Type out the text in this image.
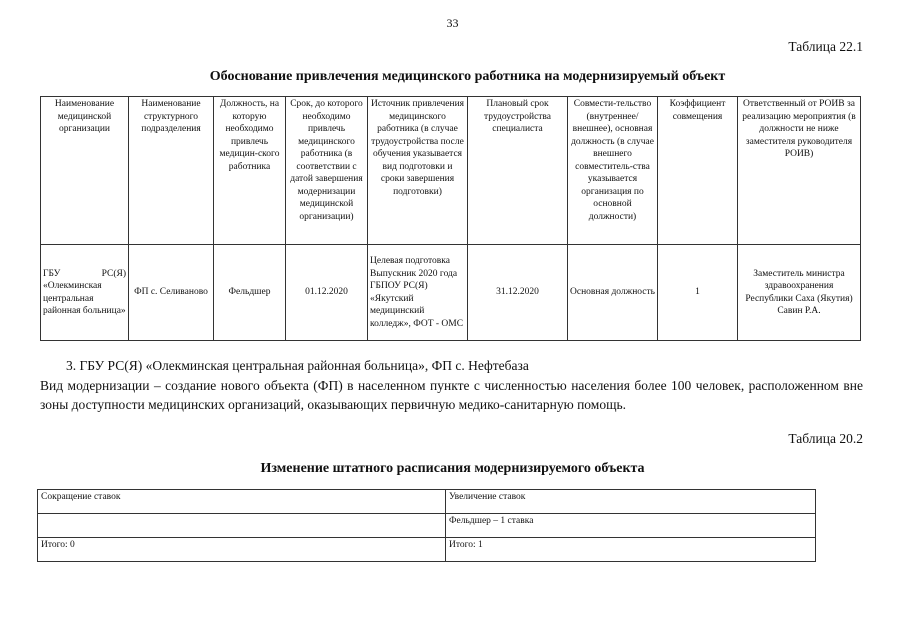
33
Таблица 22.1
Обоснование привлечения медицинского работника на модернизируемый объект
Наименование медицинской организации	Наименование структурного подразделения	Должность, на которую необходимо привлечь медицин-ского работника	Срок, до которого необходимо привлечь медицинского работника (в соответствии с датой завершения модернизации медицинской организации)	Источник привлечения медицинского работника (в случае трудоустройства после обучения указывается вид подготовки и сроки завершения подготовки)	Плановый срок трудоустройства специалиста	Совмести-тельство (внутреннее/ внешнее), основная должность (в случае внешнего совместитель-ства указывается организация по основной должности)	Коэффициент совмещения	Ответственный от РОИВ за реализацию мероприятия (в должности не ниже заместителя руководителя РОИВ)
ГБУ РС(Я) «Олекминская центральная районная больница»	ФП с. Селиваново	Фельдшер	01.12.2020	Целевая подготовка Выпускник 2020 года ГБПОУ РС(Я) «Якутский медицинский колледж», ФОТ - ОМС	31.12.2020	Основная должность	1	Заместитель министра здравоохранения Республики Саха (Якутия) Савин Р.А.
3. ГБУ РС(Я) «Олекминская центральная районная больница», ФП с. Нефтебаза
Вид модернизации – создание нового объекта (ФП) в населенном пункте с численностью населения более 100 человек, расположенном вне зоны доступности медицинских организаций, оказывающих первичную медико-санитарную помощь.
Таблица 20.2
Изменение штатного расписания модернизируемого объекта
Сокращение ставок	Увеличение ставок
	Фельдшер – 1 ставка
Итого: 0	Итого: 1
